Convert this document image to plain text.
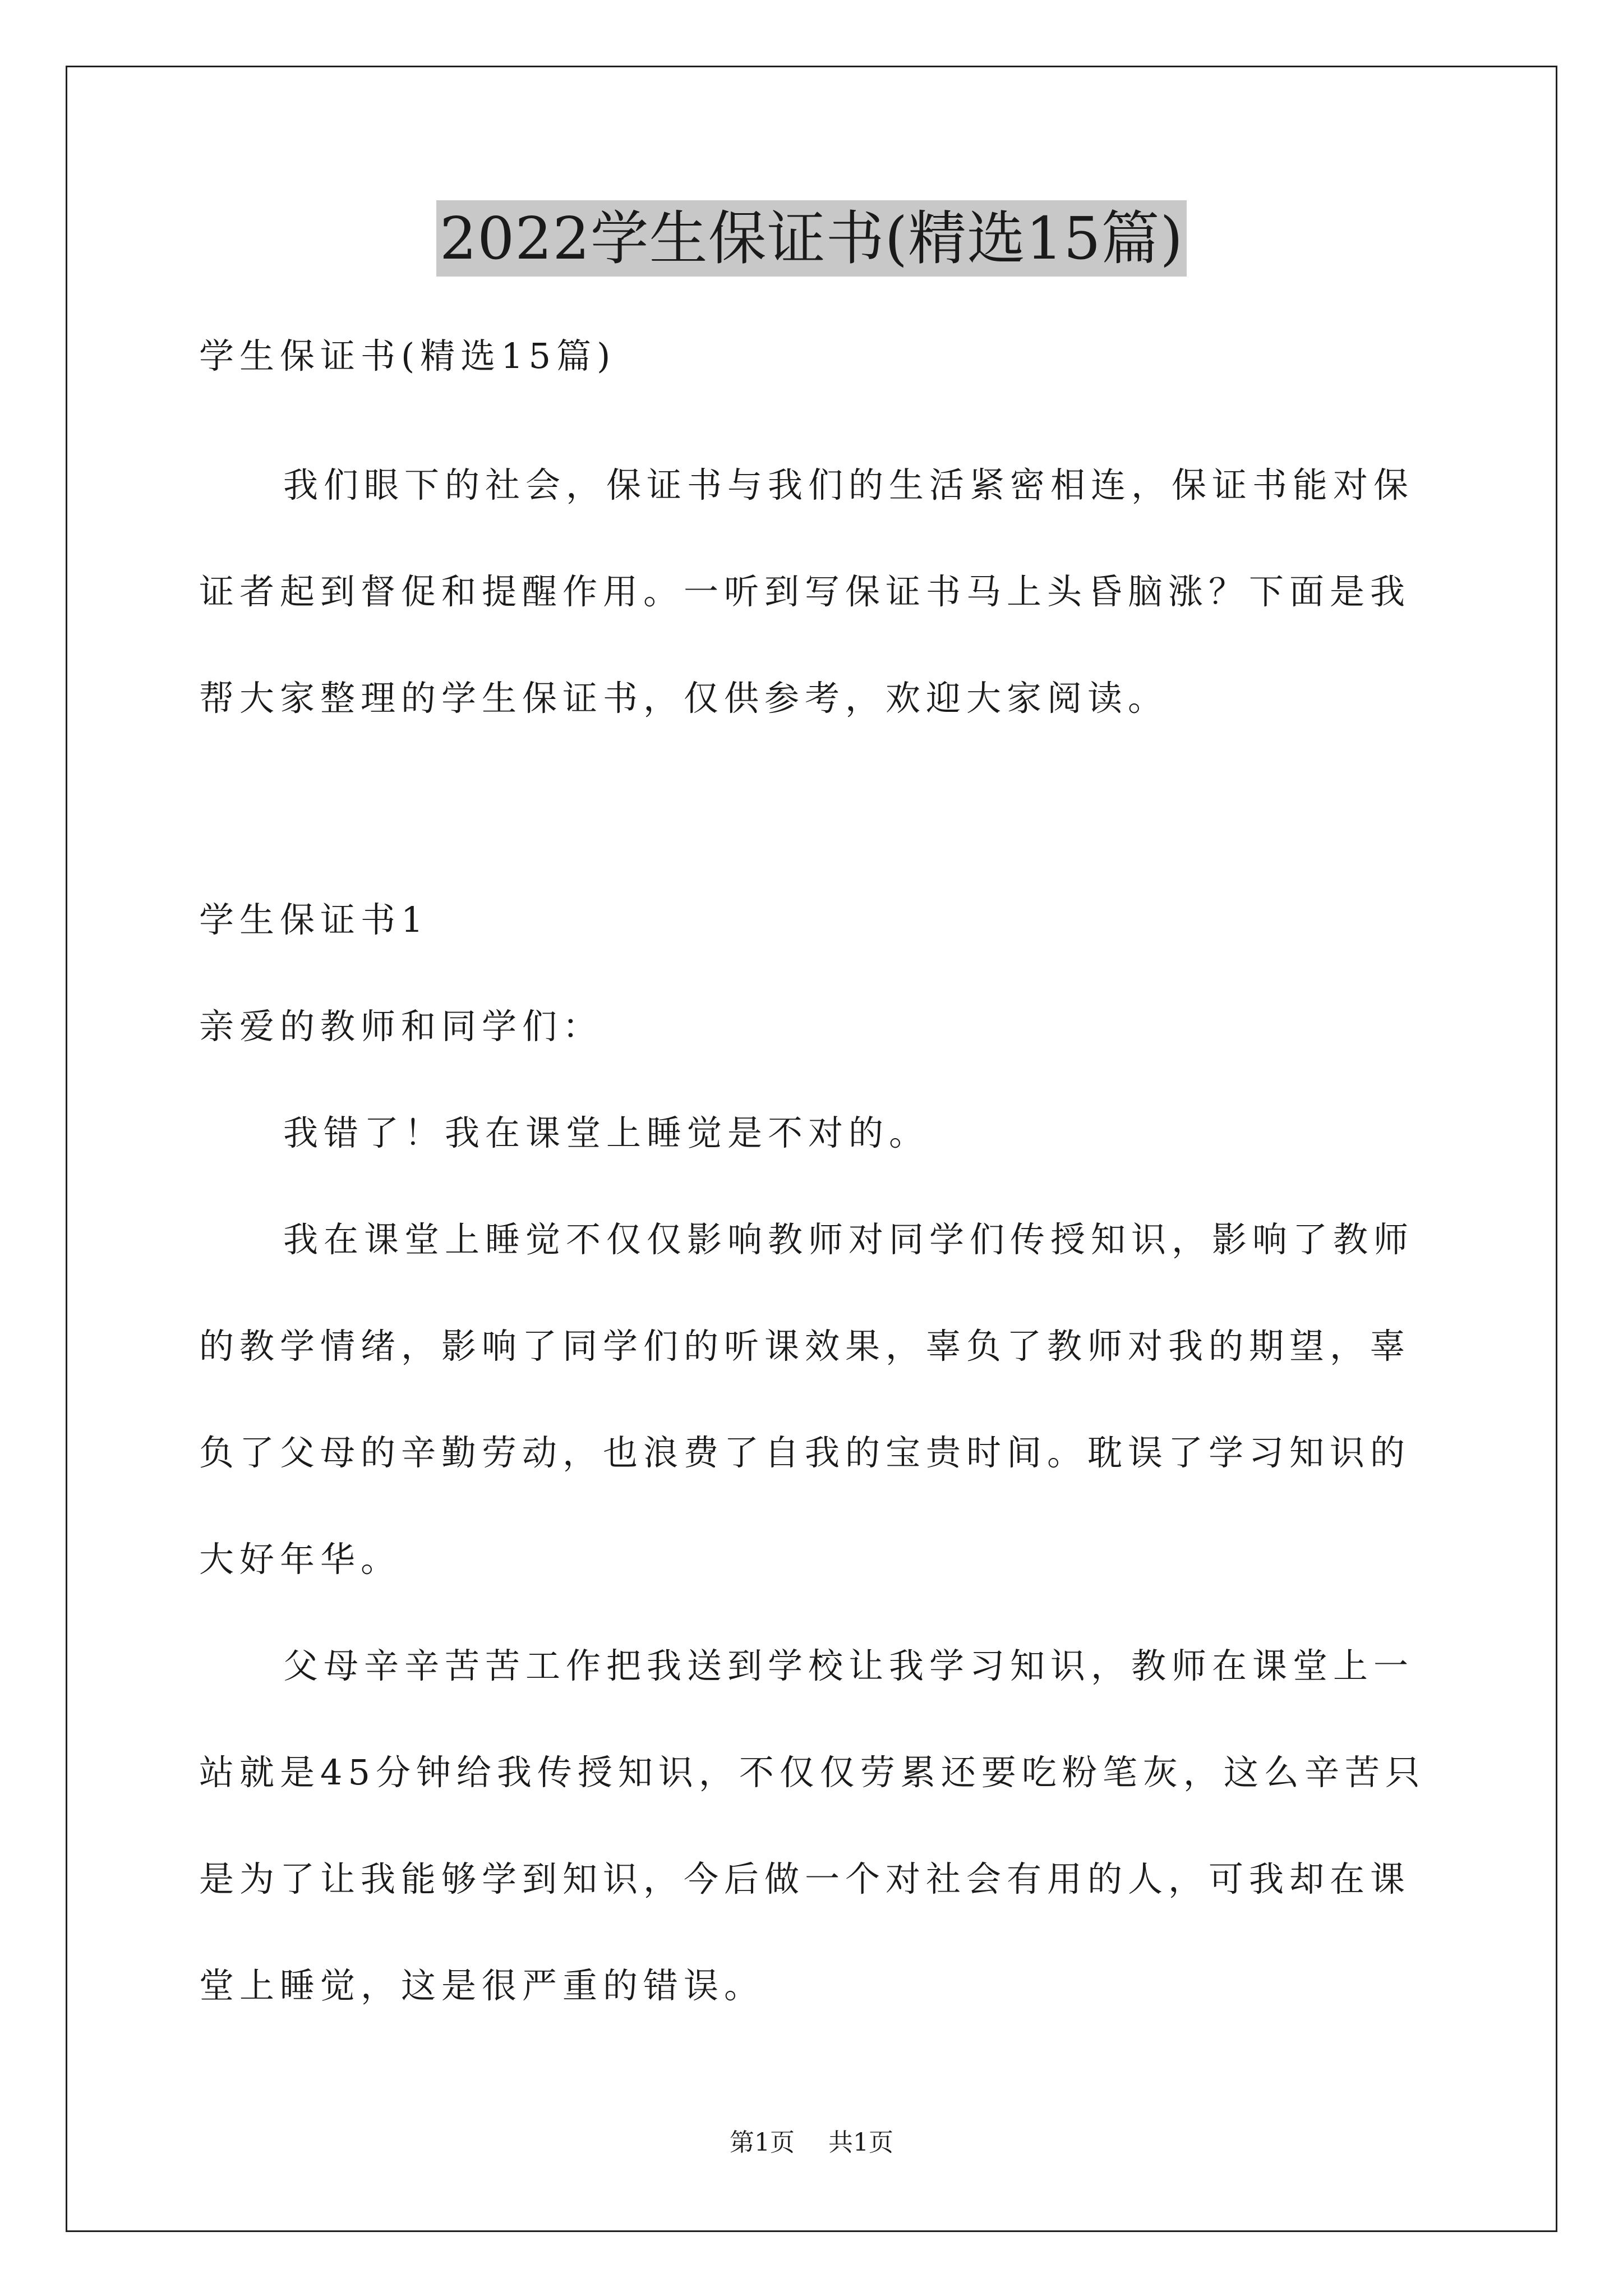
2022学生保证书(精选15篇)

学生保证书(精选15篇)

我们眼下的社会，保证书与我们的生活紧密相连，保证书能对保证者起到督促和提醒作用。一听到写保证书马上头昏脑涨？下面是我帮大家整理的学生保证书，仅供参考，欢迎大家阅读。

学生保证书1

亲爱的教师和同学们：

我错了！我在课堂上睡觉是不对的。

我在课堂上睡觉不仅仅影响教师对同学们传授知识，影响了教师的教学情绪，影响了同学们的听课效果，辜负了教师对我的期望，辜负了父母的辛勤劳动，也浪费了自我的宝贵时间。耽误了学习知识的大好年华。

父母辛辛苦苦工作把我送到学校让我学习知识，教师在课堂上一站就是45分钟给我传授知识，不仅仅劳累还要吃粉笔灰，这么辛苦只是为了让我能够学到知识，今后做一个对社会有用的人，可我却在课堂上睡觉，这是很严重的错误。

第1页 共1页
